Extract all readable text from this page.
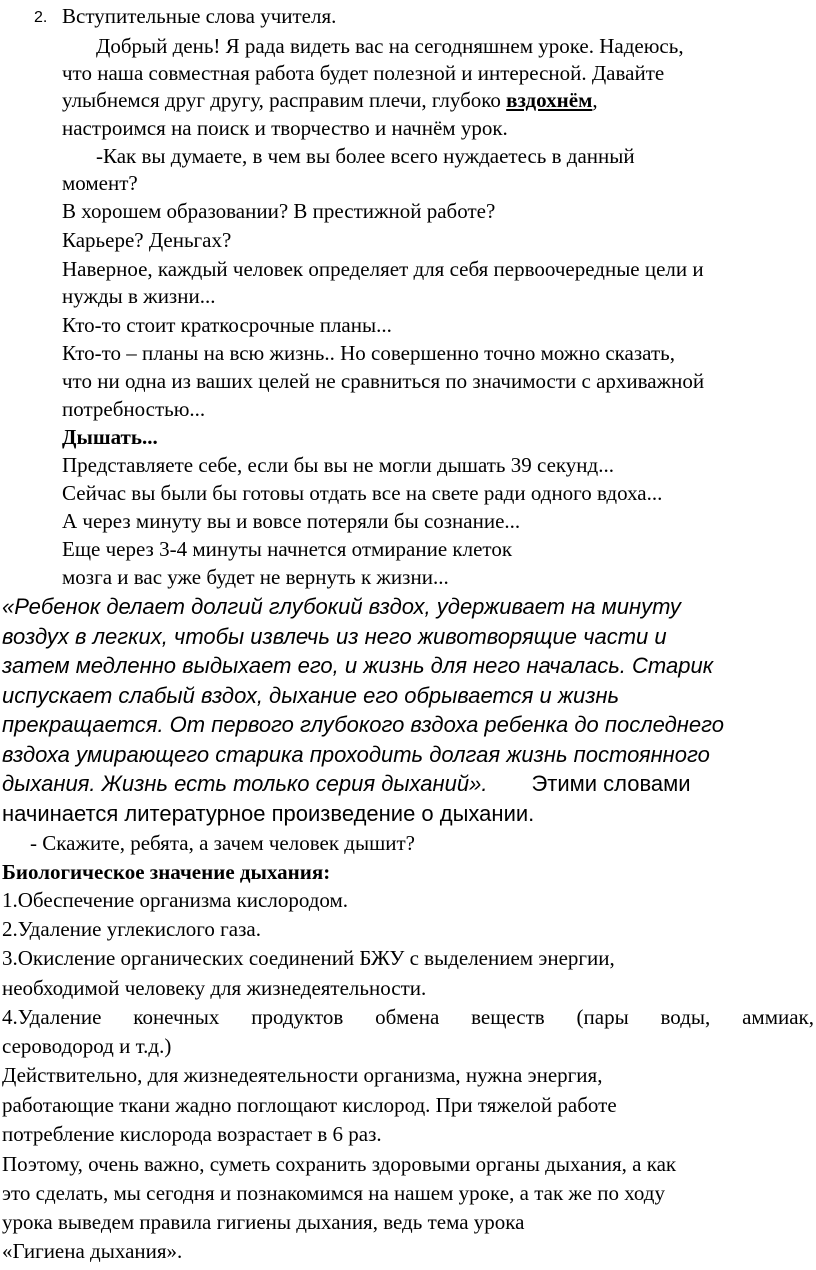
2. Вступительные слова учителя.
Добрый день! Я рада видеть вас на сегодняшнем уроке. Надеюсь,
что наша совместная работа будет полезной и интересной. Давайте
улыбнемся друг другу, расправим плечи, глубоко вздохнём,
настроимся на поиск и творчество и начнём урок.
-Как вы думаете, в чем вы более всего нуждаетесь в данный
момент?
В хорошем образовании? В престижной работе?
Карьере? Деньгах?
Наверное, каждый человек определяет для себя первоочередные цели и
нужды в жизни...
Кто-то стоит краткосрочные планы...
Кто-то – планы на всю жизнь.. Но совершенно точно можно сказать,
что ни одна из ваших целей не сравниться по значимости с архиважной
потребностью...
Дышать...
Представляете себе, если бы вы не могли дышать 39 секунд...
Сейчас вы были бы готовы отдать все на свете ради одного вдоха...
А через минуту вы и вовсе потеряли бы сознание...
Еще через 3-4 минуты начнется отмирание клеток
мозга и вас уже будет не вернуть к жизни...
«Ребенок делает долгий глубокий вздох, удерживает на минуту
воздух в легких, чтобы извлечь из него животворящие части и
затем медленно выдыхает его, и жизнь для него началась. Старик
испускает слабый вздох, дыхание его обрывается и жизнь
прекращается. От первого глубокого вздоха ребенка до последнего
вздоха умирающего старика проходить долгая жизнь постоянного
дыхания. Жизнь есть только серия дыханий». Этими словами
начинается литературное произведение о дыхании.
- Скажите, ребята, а зачем человек дышит?
Биологическое значение дыхания:
1.Обеспечение организма кислородом.
2.Удаление углекислого газа.
3.Окисление органических соединений БЖУ с выделением энергии,
необходимой человеку для жизнедеятельности.
4.Удаление конечных продуктов обмена веществ (пары воды, аммиак,
сероводород и т.д.)
Действительно, для жизнедеятельности организма, нужна энергия,
работающие ткани жадно поглощают кислород. При тяжелой работе
потребление кислорода возрастает в 6 раз.
Поэтому, очень важно, суметь сохранить здоровыми органы дыхания, а как
это сделать, мы сегодня и познакомимся на нашем уроке, а так же по ходу
урока выведем правила гигиены дыхания, ведь тема урока
«Гигиена дыхания».
